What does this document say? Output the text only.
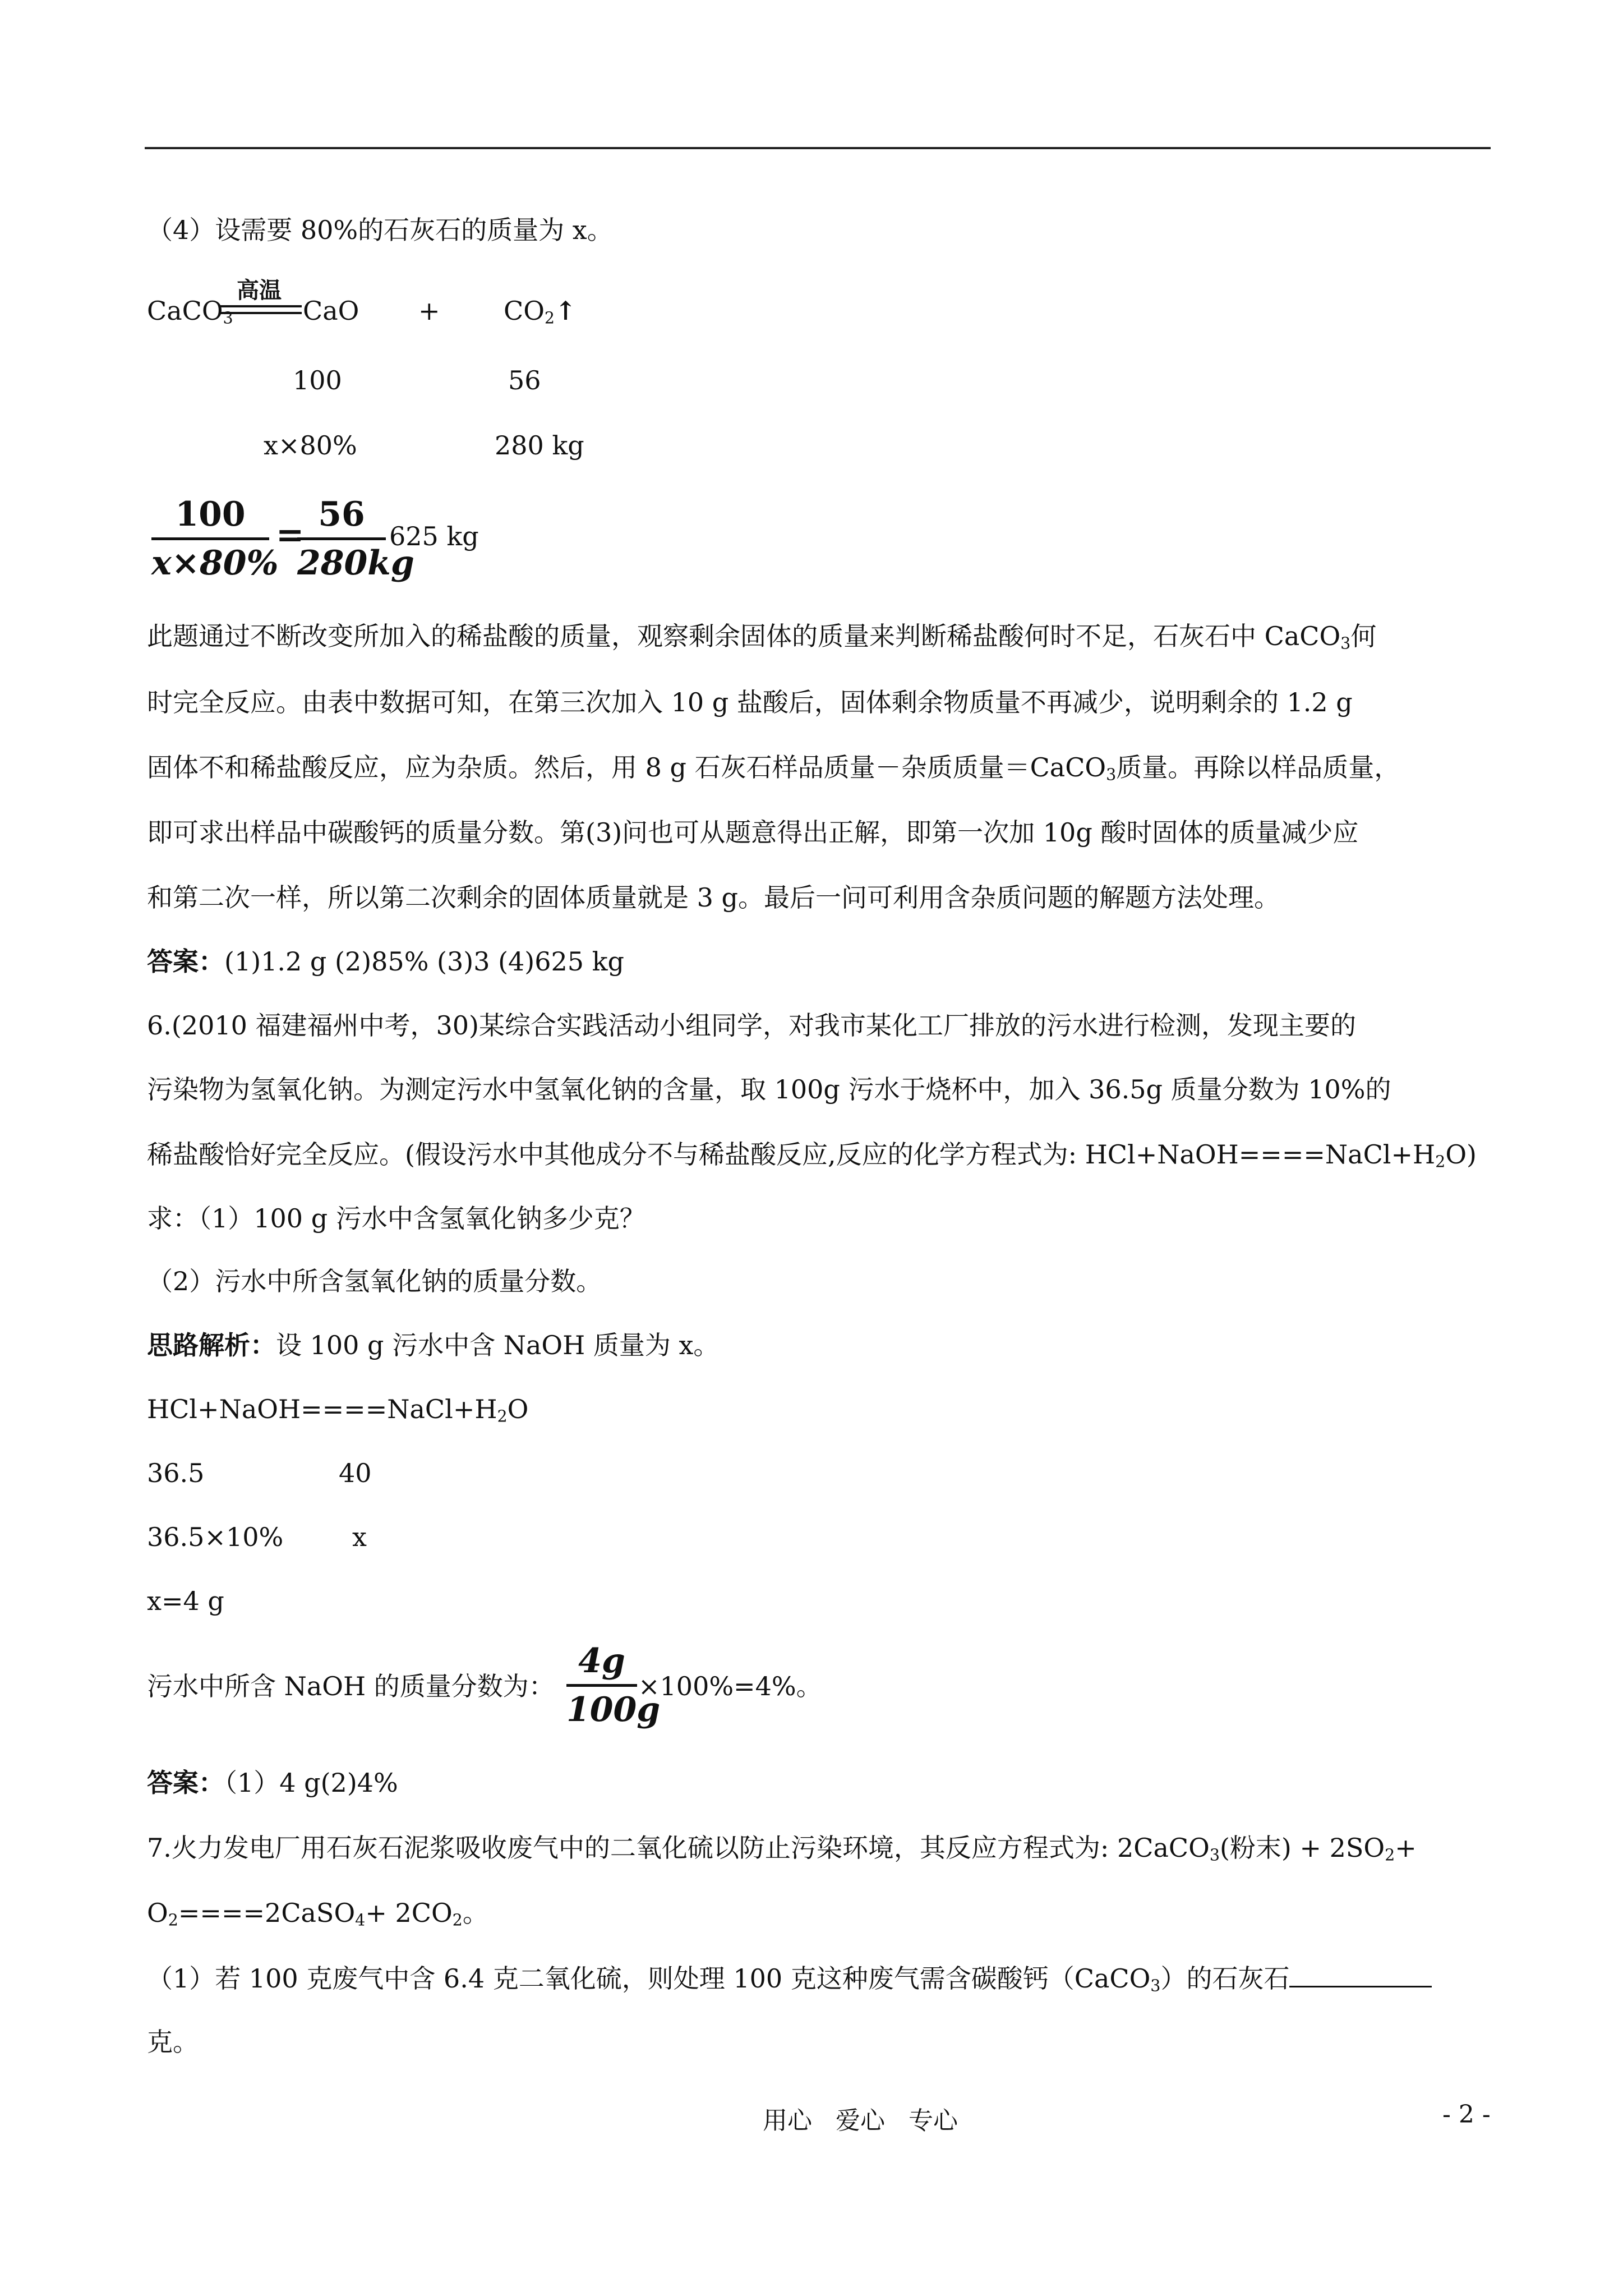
（4）设需要 80%的石灰石的质量为 x。
CaCO$_3$
高温
CaO + $CO_2↑$
100	56
x×80%	280 kg
100
x×80%
=
56
280kg
625 kg
此题通过不断改变所加入的稀盐酸的质量，观察剩余固体的质量来判断稀盐酸何时不足，石灰石中 CaCO$_3$何
时完全反应。由表中数据可知，在第三次加入 10 g 盐酸后，固体剩余物质量不再减少，说明剩余的 1.2 g
固体不和稀盐酸反应，应为杂质。然后，用 8 g 石灰石样品质量－杂质质量＝CaCO$_3$质量。再除以样品质量，
即可求出样品中碳酸钙的质量分数。第(3)问也可从题意得出正解，即第一次加 10g 酸时固体的质量减少应
和第二次一样，所以第二次剩余的固体质量就是 3 g。最后一问可利用含杂质问题的解题方法处理。
答案：(1)1.2 g (2)85% (3)3 (4)625 kg
6.(2010 福建福州中考，30)某综合实践活动小组同学，对我市某化工厂排放的污水进行检测，发现主要的
污染物为氢氧化钠。为测定污水中氢氧化钠的含量，取 100g 污水于烧杯中，加入 36.5g 质量分数为 10%的
稀盐酸恰好完全反应。(假设污水中其他成分不与稀盐酸反应,反应的化学方程式为: $HCl+NaOH====NaCl+H_2O$)
求：（1）100 g 污水中含氢氧化钠多少克？
（2）污水中所含氢氧化钠的质量分数。
思路解析：设 100 g 污水中含 NaOH 质量为 x。
$HCl+NaOH====NaCl+H_2O$
36.5	40
36.5×10%	x
x=4 g
污水中所含 NaOH 的质量分数为：
4g
100g
×100%=4%。
答案：（1）4 g(2)4%
7.火力发电厂用石灰石泥浆吸收废气中的二氧化硫以防止污染环境，其反应方程式为: 2CaCO$_3$(粉末) + $2SO_2+$
$O_2====2CaSO_4+ 2CO_2$。
（1）若 100 克废气中含 6.4 克二氧化硫，则处理 100 克这种废气需含碳酸钙（CaCO$_3$）的石灰石
克。
用心 爱心 专心	- 2 -
